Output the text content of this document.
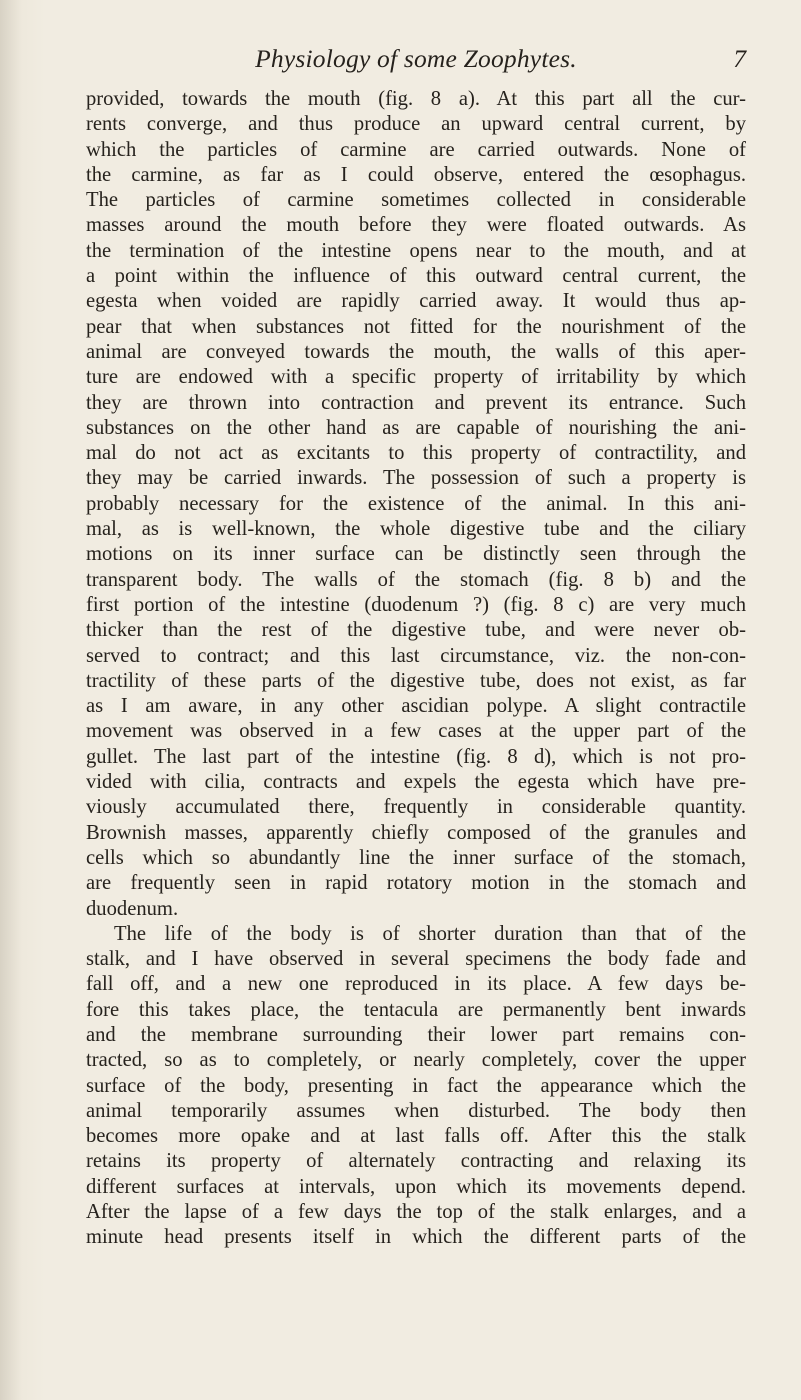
Physiology of some Zoophytes.	7
provided, towards the mouth (fig. 8 a). At this part all the cur-
rents converge, and thus produce an upward central current, by
which the particles of carmine are carried outwards. None of
the carmine, as far as I could observe, entered the œsophagus.
The particles of carmine sometimes collected in considerable
masses around the mouth before they were floated outwards. As
the termination of the intestine opens near to the mouth, and at
a point within the influence of this outward central current, the
egesta when voided are rapidly carried away. It would thus ap-
pear that when substances not fitted for the nourishment of the
animal are conveyed towards the mouth, the walls of this aper-
ture are endowed with a specific property of irritability by which
they are thrown into contraction and prevent its entrance. Such
substances on the other hand as are capable of nourishing the ani-
mal do not act as excitants to this property of contractility, and
they may be carried inwards. The possession of such a property is
probably necessary for the existence of the animal. In this ani-
mal, as is well-known, the whole digestive tube and the ciliary
motions on its inner surface can be distinctly seen through the
transparent body. The walls of the stomach (fig. 8 b) and the
first portion of the intestine (duodenum ?) (fig. 8 c) are very much
thicker than the rest of the digestive tube, and were never ob-
served to contract; and this last circumstance, viz. the non-con-
tractility of these parts of the digestive tube, does not exist, as far
as I am aware, in any other ascidian polype. A slight contractile
movement was observed in a few cases at the upper part of the
gullet. The last part of the intestine (fig. 8 d), which is not pro-
vided with cilia, contracts and expels the egesta which have pre-
viously accumulated there, frequently in considerable quantity.
Brownish masses, apparently chiefly composed of the granules and
cells which so abundantly line the inner surface of the stomach,
are frequently seen in rapid rotatory motion in the stomach and
duodenum.
The life of the body is of shorter duration than that of the
stalk, and I have observed in several specimens the body fade and
fall off, and a new one reproduced in its place. A few days be-
fore this takes place, the tentacula are permanently bent inwards
and the membrane surrounding their lower part remains con-
tracted, so as to completely, or nearly completely, cover the upper
surface of the body, presenting in fact the appearance which the
animal temporarily assumes when disturbed. The body then
becomes more opake and at last falls off. After this the stalk
retains its property of alternately contracting and relaxing its
different surfaces at intervals, upon which its movements depend.
After the lapse of a few days the top of the stalk enlarges, and a
minute head presents itself in which the different parts of the
